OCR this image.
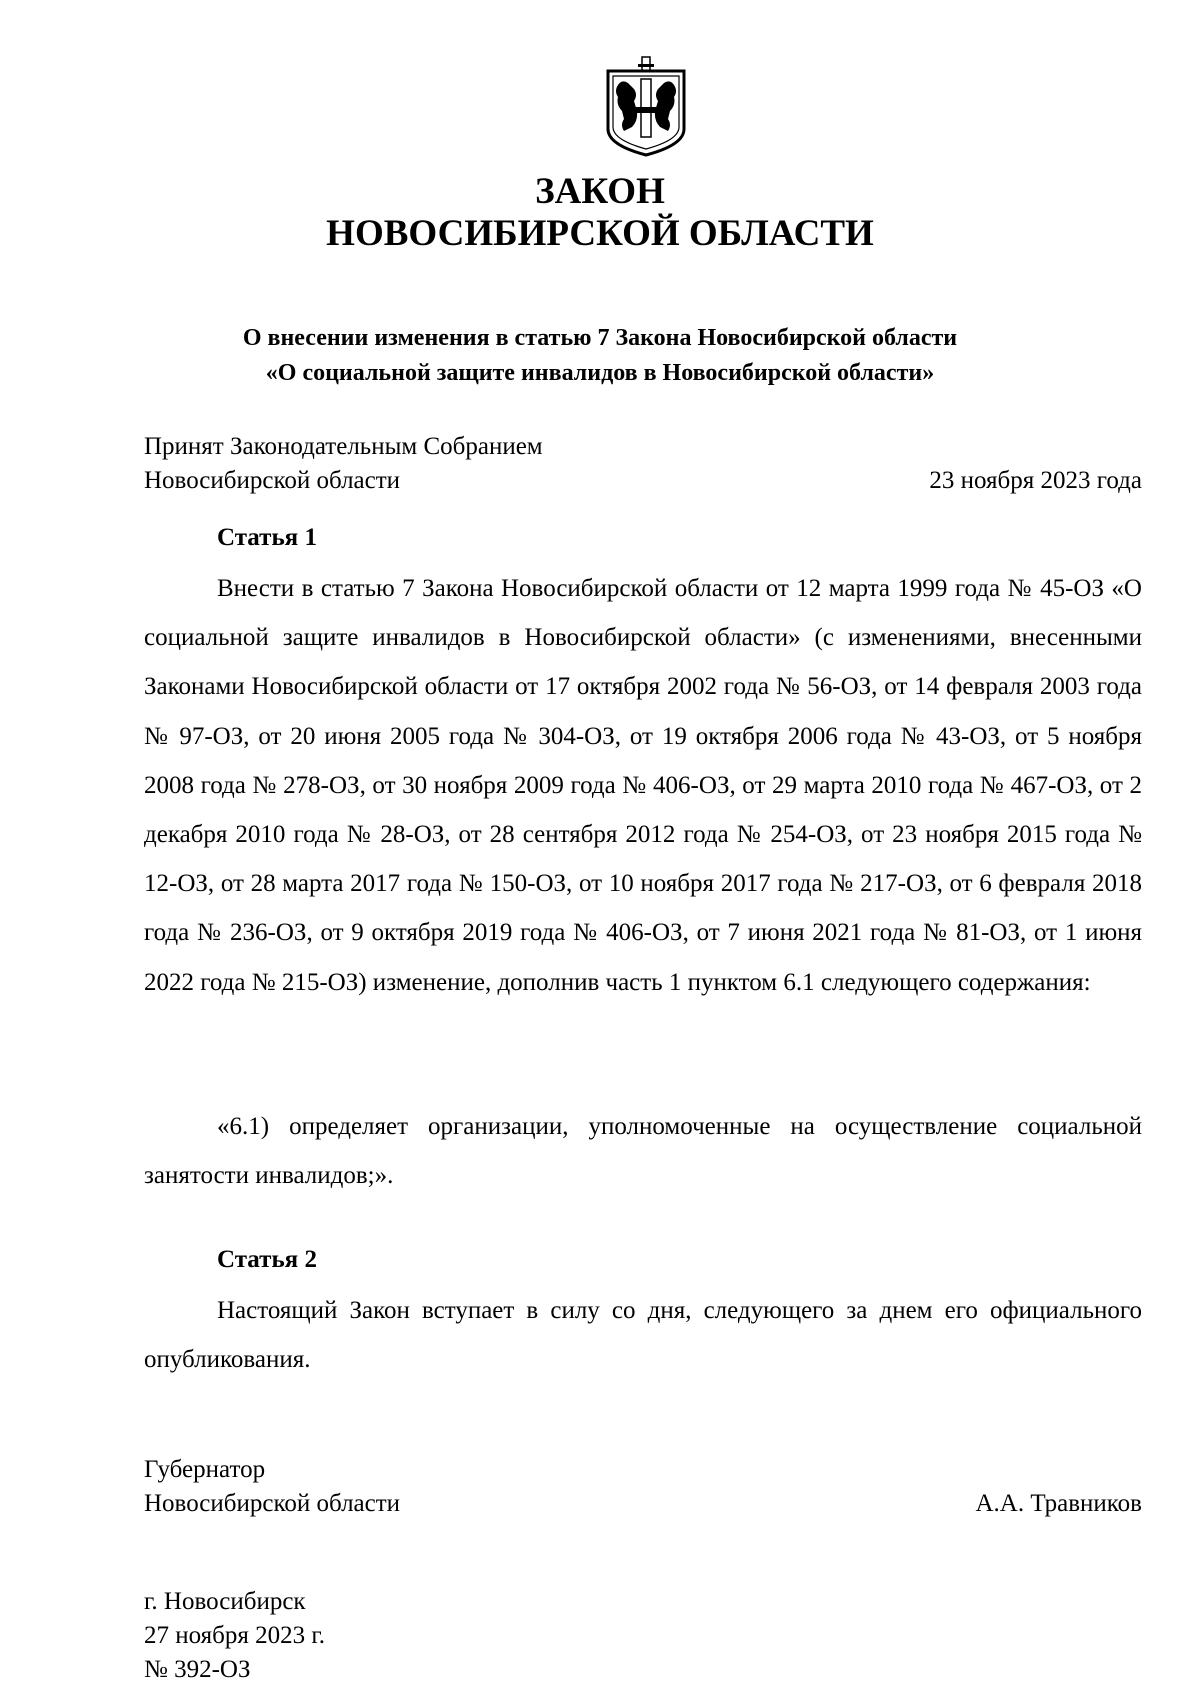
ЗАКОН
НОВОСИБИРСКОЙ ОБЛАСТИ
О внесении изменения в статью 7 Закона Новосибирской области
«О социальной защите инвалидов в Новосибирской области»
Принят Законодательным Собранием
Новосибирской области	23 ноября 2023 года
Статья 1

Внести в статью 7 Закона Новосибирской области от 12 марта 1999 года № 45-ОЗ «О социальной защите инвалидов в Новосибирской области» (с изменениями, внесенными Законами Новосибирской области от 17 октября 2002 года № 56-ОЗ, от 14 февраля 2003 года № 97-ОЗ, от 20 июня 2005 года № 304-ОЗ, от 19 октября 2006 года № 43-ОЗ, от 5 ноября 2008 года № 278-ОЗ, от 30 ноября 2009 года № 406-ОЗ, от 29 марта 2010 года № 467-ОЗ, от 2 декабря 2010 года № 28-ОЗ, от 28 сентября 2012 года № 254-ОЗ, от 23 ноября 2015 года № 12-ОЗ, от 28 марта 2017 года № 150-ОЗ, от 10 ноября 2017 года № 217-ОЗ, от 6 февраля 2018 года № 236-ОЗ, от 9 октября 2019 года № 406-ОЗ, от 7 июня 2021 года № 81-ОЗ, от 1 июня 2022 года № 215-ОЗ) изменение, дополнив часть 1 пунктом 6.1 следующего содержания:

«6.1) определяет организации, уполномоченные на осуществление социальной занятости инвалидов;».

Статья 2

Настоящий Закон вступает в силу со дня, следующего за днем его официального опубликования.

Губернатор
Новосибирской области	А.А. Травников
г. Новосибирск
27 ноября 2023 г.
№ 392-ОЗ
